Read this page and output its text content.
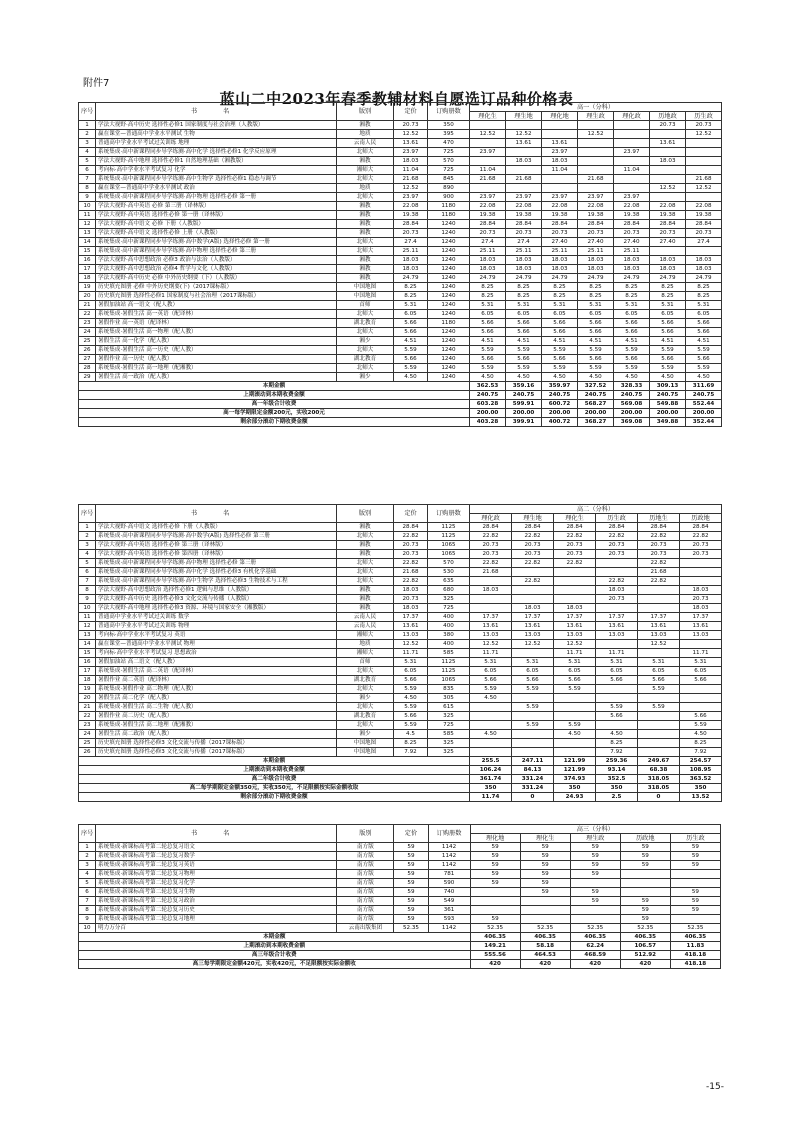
附件7
蓝山二中2023年春季教辅材料自愿选订品种价格表
序号	书 名	版别	定价	订购册数	高一（分科）						
					理化生	理生地	理化地	理生政	理化政	历地政	历生政
1	学法大视野·高中历史 选择性必修1 国家制度与社会治理（人教版）	湘教	20.73	350						20.73	20.73
2	赢在课堂—普通高中学业水平测试 生物	地质	12.52	395	12.52	12.52		12.52			12.52
3	普通高中学业水平考试过关训练 地理	云南人民	13.61	470		13.61	13.61			13.61	
4	系统集成·高中新课程同步导学练测·高中化学 选择性必修1 化学反应原理	北师大	23.97	725	23.97		23.97		23.97		
5	学法大视野·高中地理 选择性必修1 自然地理基础（湘教版）	湘教	18.03	570		18.03	18.03			18.03	
6	考向标·高中学业水平考试复习 化学	湘师大	11.04	725	11.04		11.04		11.04		
7	系统集成·高中新课程同步导学练测·高中生物学 选择性必修1 稳态与调节	北师大	21.68	845	21.68	21.68		21.68			21.68
8	赢在课堂—普通高中学业水平测试 政治	地质	12.52	890						12.52	12.52
9	系统集成·高中新课程同步导学练测·高中物理 选择性必修 第一册	北师大	23.97	900	23.97	23.97	23.97	23.97	23.97		
10	学法大视野·高中英语 必修 第三册（译林版）	湘教	22.08	1180	22.08	22.08	22.08	22.08	22.08	22.08	22.08
11	学法大视野·高中英语 选择性必修 第一册（译林版）	湘教	19.38	1180	19.38	19.38	19.38	19.38	19.38	19.38	19.38
12	学法大视野·高中语文 必修 下册（人教版）	湘教	28.84	1240	28.84	28.84	28.84	28.84	28.84	28.84	28.84
13	学法大视野·高中语文 选择性必修 上册（人教版）	湘教	20.73	1240	20.73	20.73	20.73	20.73	20.73	20.73	20.73
14	系统集成·高中新课程同步导学练测·高中数学(A版) 选择性必修 第一册	北师大	27.4	1240	27.4	27.4	27.40	27.40	27.40	27.40	27.4
15	系统集成·高中新课程同步导学练测·高中物理 选择性必修 第三册	北师大	25.11	1240	25.11	25.11	25.11	25.11	25.11		
16	学法大视野·高中思想政治 必修3 政治与法治（人教版）	湘教	18.03	1240	18.03	18.03	18.03	18.03	18.03	18.03	18.03
17	学法大视野·高中思想政治 必修4 哲学与文化（人教版）	湘教	18.03	1240	18.03	18.03	18.03	18.03	18.03	18.03	18.03
18	学法大视野·高中历史 必修 中外历史纲要（下）（人教版）	湘教	24.79	1240	24.79	24.79	24.79	24.79	24.79	24.79	24.79
19	历史填充图册 必修 中外历史纲要(下)（2017课标版）	中国地图	8.25	1240	8.25	8.25	8.25	8.25	8.25	8.25	8.25
20	历史填充图册 选择性必修1 国家制度与社会治理（2017课标版）	中国地图	8.25	1240	8.25	8.25	8.25	8.25	8.25	8.25	8.25
21	暑假加油站 高一语文（配人教）	首师	5.31	1240	5.31	5.31	5.31	5.31	5.31	5.31	5.31
22	系统集成·暑假生活 高一英语（配译林）	北师大	6.05	1240	6.05	6.05	6.05	6.05	6.05	6.05	6.05
23	暑假作业 高一英语（配译林）	湖北教育	5.66	1180	5.66	5.66	5.66	5.66	5.66	5.66	5.66
24	系统集成·暑假生活 高一物理（配人教）	北师大	5.66	1240	5.66	5.66	5.66	5.66	5.66	5.66	5.66
25	暑假生活 高一化学（配人教）	湘少	4.51	1240	4.51	4.51	4.51	4.51	4.51	4.51	4.51
26	系统集成·暑假生活 高一历史（配人教）	北师大	5.59	1240	5.59	5.59	5.59	5.59	5.59	5.59	5.59
27	暑假作业 高一历史（配人教）	湖北教育	5.66	1240	5.66	5.66	5.66	5.66	5.66	5.66	5.66
28	系统集成·暑假生活 高一地理（配湘教）	北师大	5.59	1240	5.59	5.59	5.59	5.59	5.59	5.59	5.59
29	暑假生活 高一政治（配人教）	湘少	4.50	1240	4.50	4.50	4.50	4.50	4.50	4.50	4.50
本期金额					362.53	359.16	359.97	327.52	328.33	309.13	311.69
上期滚动到本期收费金额					240.75	240.75	240.75	240.75	240.75	240.75	240.75
高一年级合计收费					603.28	599.91	600.72	568.27	569.08	549.88	552.44
高一每学期限定金额200元，实收200元					200.00	200.00	200.00	200.00	200.00	200.00	200.00
剩余部分滚动下期收费金额					403.28	399.91	400.72	368.27	369.08	349.88	352.44
序号	书 名	版别	定价	订购册数	高二（分科）					
					理化政	理生地	理化生	历生政	历地生	历政地
1	学法大视野·高中语文 选择性必修 下册（人教版）	湘教	28.84	1125	28.84	28.84	28.84	28.84	28.84	28.84
2	系统集成·高中新课程同步导学练测·高中数学(A版) 选择性必修 第三册	北师大	22.82	1125	22.82	22.82	22.82	22.82	22.82	22.82
3	学法大视野·高中英语 选择性必修 第三册（译林版）	湘教	20.73	1065	20.73	20.73	20.73	20.73	20.73	20.73
4	学法大视野·高中英语 选择性必修 第四册（译林版）	湘教	20.73	1065	20.73	20.73	20.73	20.73	20.73	20.73
5	系统集成·高中新课程同步导学练测·高中物理 选择性必修 第三册	北师大	22.82	570	22.82	22.82	22.82		22.82	
6	系统集成·高中新课程同步导学练测·高中化学 选择性必修3 有机化学基础	北师大	21.68	530	21.68				21.68	
7	系统集成·高中新课程同步导学练测·高中生物学 选择性必修3 生物技术与工程	北师大	22.82	635		22.82		22.82	22.82	
8	学法大视野·高中思想政治 选择性必修1 逻辑与思维（人教版）	湘教	18.03	680	18.03			18.03		18.03
9	学法大视野·高中历史 选择性必修3 文化交流与传播（人教版）	湘教	20.73	325				20.73		20.73
10	学法大视野·高中地理 选择性必修3 资源、环境与国家安全（湘教版）	湘教	18.03	725		18.03	18.03			18.03
11	普通高中学业水平考试过关训练 数学	云南人民	17.37	400	17.37	17.37	17.37	17.37	17.37	17.37
12	普通高中学业水平考试过关训练 物理	云南人民	13.61	400	13.61	13.61	13.61	13.61	13.61	13.61
13	考向标·高中学业水平考试复习 英语	湘师大	13.03	380	13.03	13.03	13.03	13.03	13.03	13.03
14	赢在课堂—普通高中学业水平测试 物理	地质	12.52	400	12.52	12.52	12.52		12.52	
15	考向标·高中学业水平考试复习 思想政治	湘师大	11.71	585	11.71		11.71	11.71		11.71
16	暑假加油站 高二语文（配人教）	首师	5.31	1125	5.31	5.31	5.31	5.31	5.31	5.31
17	系统集成·暑假生活 高二英语（配译林）	北师大	6.05	1125	6.05	6.05	6.05	6.05	6.05	6.05
18	暑假作业 高二英语（配译林）	湖北教育	5.66	1065	5.66	5.66	5.66	5.66	5.66	5.66
19	系统集成·暑假作业 高二物理（配人教）	北师大	5.59	835	5.59	5.59	5.59		5.59	
20	暑假生活 高二化学（配人教）	湘少	4.50	305	4.50					
21	系统集成·暑假生活 高二生物（配人教）	北师大	5.59	615		5.59		5.59	5.59	
22	暑假作业 高二历史（配人教）	湖北教育	5.66	325				5.66		5.66
23	系统集成·暑假生活 高二地理（配湘教）	北师大	5.59	725		5.59	5.59			5.59
24	暑假生活 高二政治（配人教）	湘少	4.5	585	4.50		4.50	4.50		4.50
25	历史填充图册 选择性必修3 文化交流与传播（2017课标版）	中国地图	8.25	325				8.25		8.25
26	历史填充图册 选择性必修3 文化交流与传播（2017课标版）	中国地图	7.92	325				7.92		7.92
本期金额					255.5	247.11	121.99	259.36	249.67	254.57
上期滚动到本期收费金额					106.24	84.13	121.99	93.14	68.38	108.95
高二年级合计收费					361.74	331.24	374.93	352.5	318.05	363.52
高二每学期限定金额350元，实收350元，不足限额按实际金额收取					350	331.24	350	350	318.05	350
剩余部分滚动下期收费金额					11.74	0	24.93	2.5	0	13.52
序号	书 名	版别	定价	订购册数	高三（分科）				
					理化地	理化生	理生政	历政地	历生政
1	系统集成·新课标高考第二轮总复习语文	南方版	59	1142	59	59	59	59	59
2	系统集成·新课标高考第二轮总复习数学	南方版	59	1142	59	59	59	59	59
3	系统集成·新课标高考第二轮总复习英语	南方版	59	1142	59	59	59	59	59
4	系统集成·新课标高考第二轮总复习物理	南方版	59	781	59	59	59		
5	系统集成·新课标高考第二轮总复习化学	南方版	59	590	59	59			
6	系统集成·新课标高考第二轮总复习生物	南方版	59	740		59	59		59
7	系统集成·新课标高考第二轮总复习政治	南方版	59	549			59	59	59
8	系统集成·新课标高考第二轮总复习历史	南方版	59	361				59	59
9	系统集成·新课标高考第二轮总复习地理	南方版	59	593	59			59	
10	明力万分百	云南出版集团	52.35	1142	52.35	52.35	52.35	52.35	52.35
本期金额					406.35	406.35	406.35	406.35	406.35
上期滚动到本期收费金额					149.21	58.18	62.24	106.57	11.83
高三年级合计收费					555.56	464.53	468.59	512.92	418.18
高三每学期限定金额420元，实收420元，不足限额按实际金额收					420	420	420	420	418.18
-15-
